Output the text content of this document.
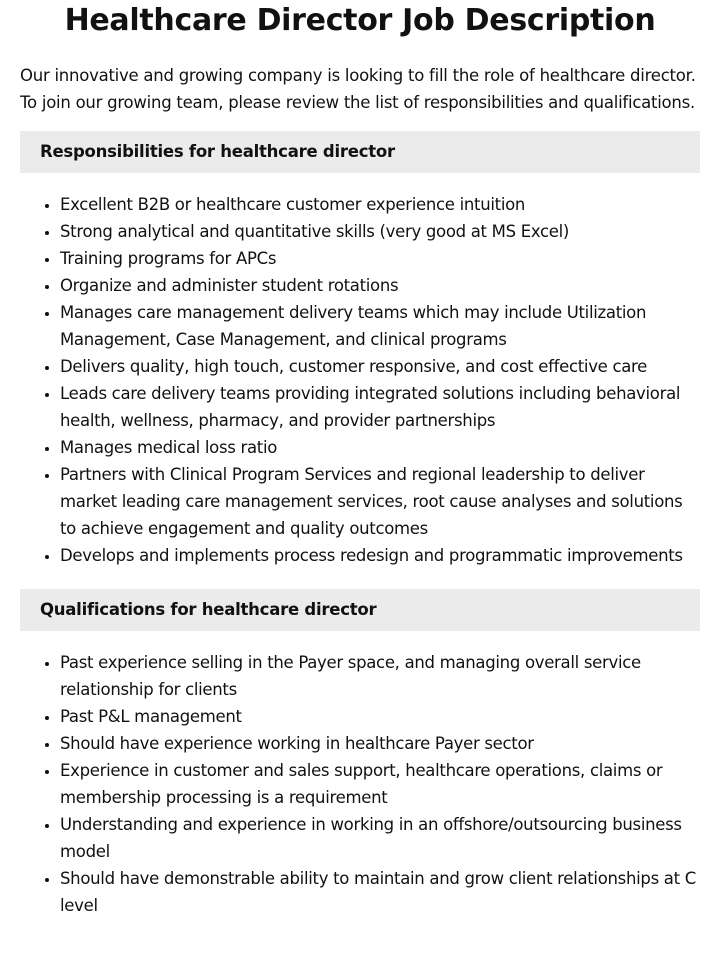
Healthcare Director Job Description

Our innovative and growing company is looking to fill the role of healthcare director. To join our growing team, please review the list of responsibilities and qualifications.

Responsibilities for healthcare director
• Excellent B2B or healthcare customer experience intuition
• Strong analytical and quantitative skills (very good at MS Excel)
• Training programs for APCs
• Organize and administer student rotations
• Manages care management delivery teams which may include Utilization Management, Case Management, and clinical programs
• Delivers quality, high touch, customer responsive, and cost effective care
• Leads care delivery teams providing integrated solutions including behavioral health, wellness, pharmacy, and provider partnerships
• Manages medical loss ratio
• Partners with Clinical Program Services and regional leadership to deliver market leading care management services, root cause analyses and solutions to achieve engagement and quality outcomes
• Develops and implements process redesign and programmatic improvements
Qualifications for healthcare director
• Past experience selling in the Payer space, and managing overall service relationship for clients
• Past P&L management
• Should have experience working in healthcare Payer sector
• Experience in customer and sales support, healthcare operations, claims or membership processing is a requirement
• Understanding and experience in working in an offshore/outsourcing business model
• Should have demonstrable ability to maintain and grow client relationships at C level
